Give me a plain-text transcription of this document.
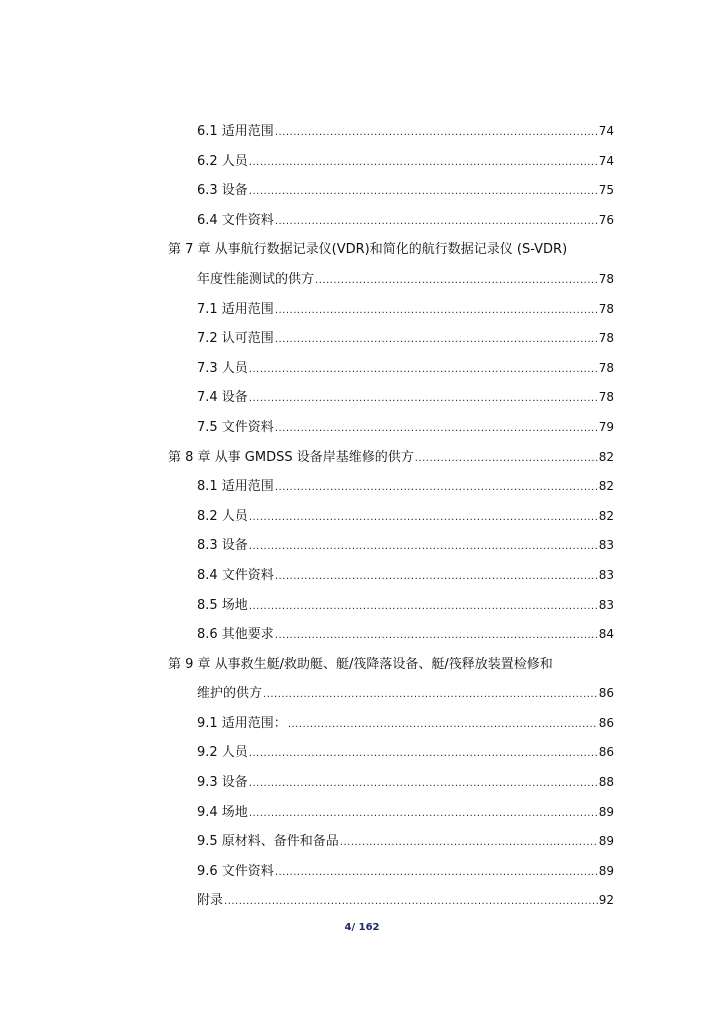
6.1 适用范围 .....	74
6.2 人员 .....	74
6.3 设备 .....	75
6.4 文件资料 .....	76
第 7 章 从事航行数据记录仪(VDR)和简化的航行数据记录仪 (S-VDR)
年度性能测试的供方 .....	78
7.1 适用范围 .....	78
7.2 认可范围 .....	78
7.3 人员 .....	78
7.4 设备 .....	78
7.5 文件资料 .....	79
第 8 章 从事 GMDSS 设备岸基维修的供方 .....	82
8.1 适用范围 .....	82
8.2 人员 .....	82
8.3 设备 .....	83
8.4 文件资料 .....	83
8.5 场地 .....	83
8.6 其他要求 .....	84
第 9 章 从事救生艇/救助艇、艇/筏降落设备、艇/筏释放装置检修和
维护的供方 .....	86
9.1 适用范围： .....	86
9.2 人员 .....	86
9.3 设备 .....	88
9.4 场地 .....	89
9.5 原材料、备件和备品 .....	89
9.6 文件资料 .....	89
附录 .....	92
4/ 162
